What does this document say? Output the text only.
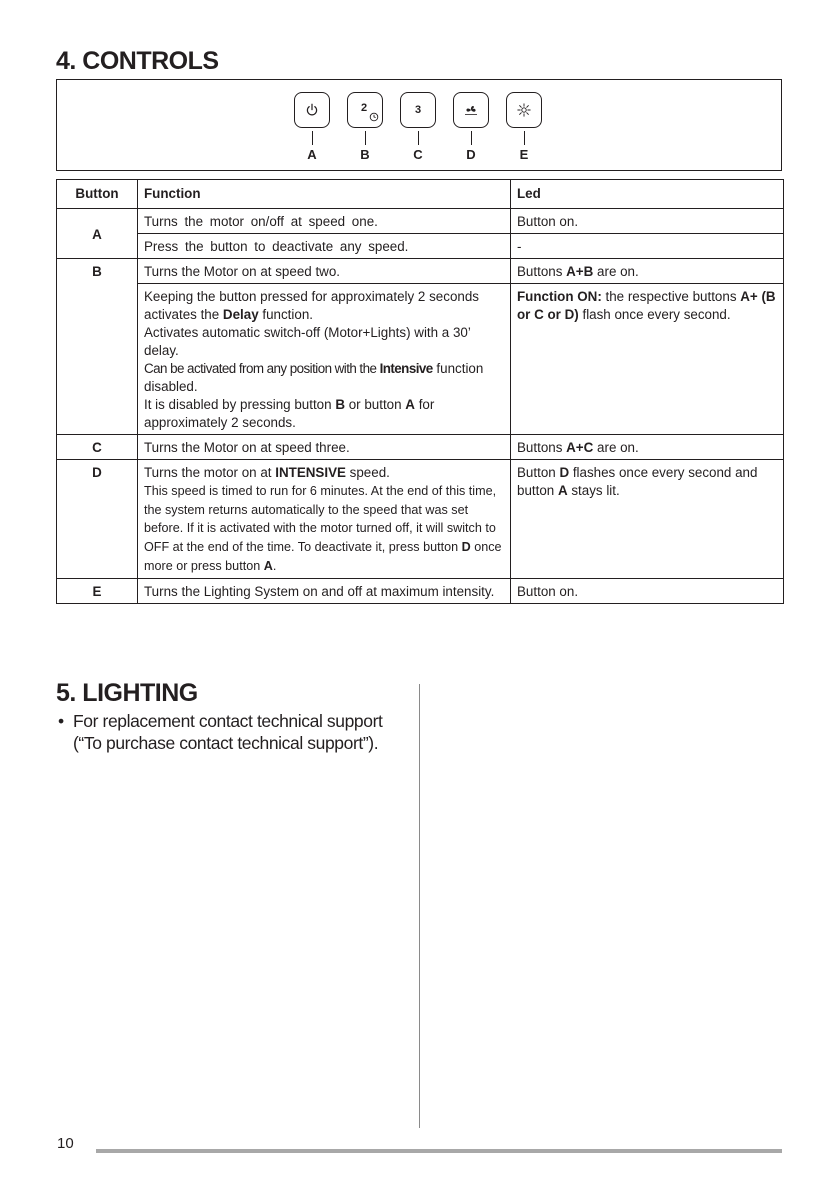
4. CONTROLS
A
2
B
3
C	D	E
Button	Function	Led
A	Turns the motor on/off at speed one.	Button on.
	Press the button to deactivate any speed.	-
B	Turns the Motor on at speed two.	Buttons A+B are on.
	Keeping the button pressed for approximately 2 seconds activates the Delay function.
Activates automatic switch-off (Motor+Lights) with a 30’ delay.
Can be activated from any position with the Intensive function disabled.
It is disabled by pressing button B or button A for approximately 2 seconds.	Function ON: the respective buttons A+ (B or C or D) flash once every second.
C	Turns the Motor on at speed three.	Buttons A+C are on.
D	Turns the motor on at INTENSIVE speed.
This speed is timed to run for 6 minutes. At the end of this time, the system returns automatically to the speed that was set before. If it is activated with the motor turned off, it will switch to OFF at the end of the time. To deactivate it, press button D once more or press button A.	Button D flashes once every second and button A stays lit.
E	Turns the Lighting System on and off at maximum intensity.	Button on.
5. LIGHTING

• For replacement contact technical support (“To purchase contact technical support”).

10
